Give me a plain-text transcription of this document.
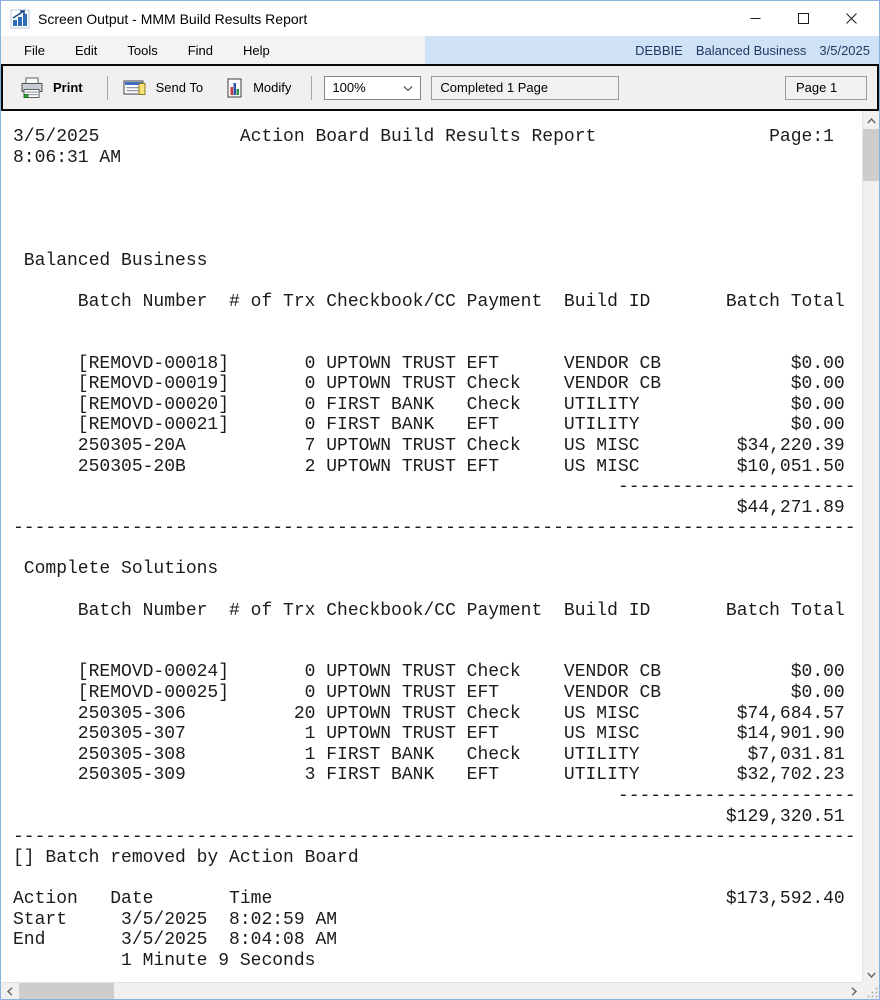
Screen Output - MMM Build Results Report
File	Edit	Tools	Find	Help	DEBBIE Balanced Business 3/5/2025
Print	Send To	Modify	100%	Completed 1 Page	Page 1
3/5/2025             Action Board Build Results Report                Page:1
8:06:31 AM
Balanced Business
Batch Number  # of Trx Checkbook/CC Payment  Build ID       Batch Total
[REMOVD-00018]       0 UPTOWN TRUST EFT      VENDOR CB            $0.00
[REMOVD-00019]       0 UPTOWN TRUST Check    VENDOR CB            $0.00
[REMOVD-00020]       0 FIRST BANK   Check    UTILITY              $0.00
[REMOVD-00021]       0 FIRST BANK   EFT      UTILITY              $0.00
250305-20A           7 UPTOWN TRUST Check    US MISC         $34,220.39
250305-20B           2 UPTOWN TRUST EFT      US MISC         $10,051.50
----------------------
$44,271.89
------------------------------------------------------------------------------
Complete Solutions
Batch Number  # of Trx Checkbook/CC Payment  Build ID       Batch Total
[REMOVD-00024]       0 UPTOWN TRUST Check    VENDOR CB            $0.00
[REMOVD-00025]       0 UPTOWN TRUST EFT      VENDOR CB            $0.00
250305-306          20 UPTOWN TRUST Check    US MISC         $74,684.57
250305-307           1 UPTOWN TRUST EFT      US MISC         $14,901.90
250305-308           1 FIRST BANK   Check    UTILITY          $7,031.81
250305-309           3 FIRST BANK   EFT      UTILITY         $32,702.23
----------------------
$129,320.51
------------------------------------------------------------------------------
[] Batch removed by Action Board
Action   Date       Time                                          $173,592.40
Start     3/5/2025  8:02:59 AM
End       3/5/2025  8:04:08 AM
1 Minute 9 Seconds
